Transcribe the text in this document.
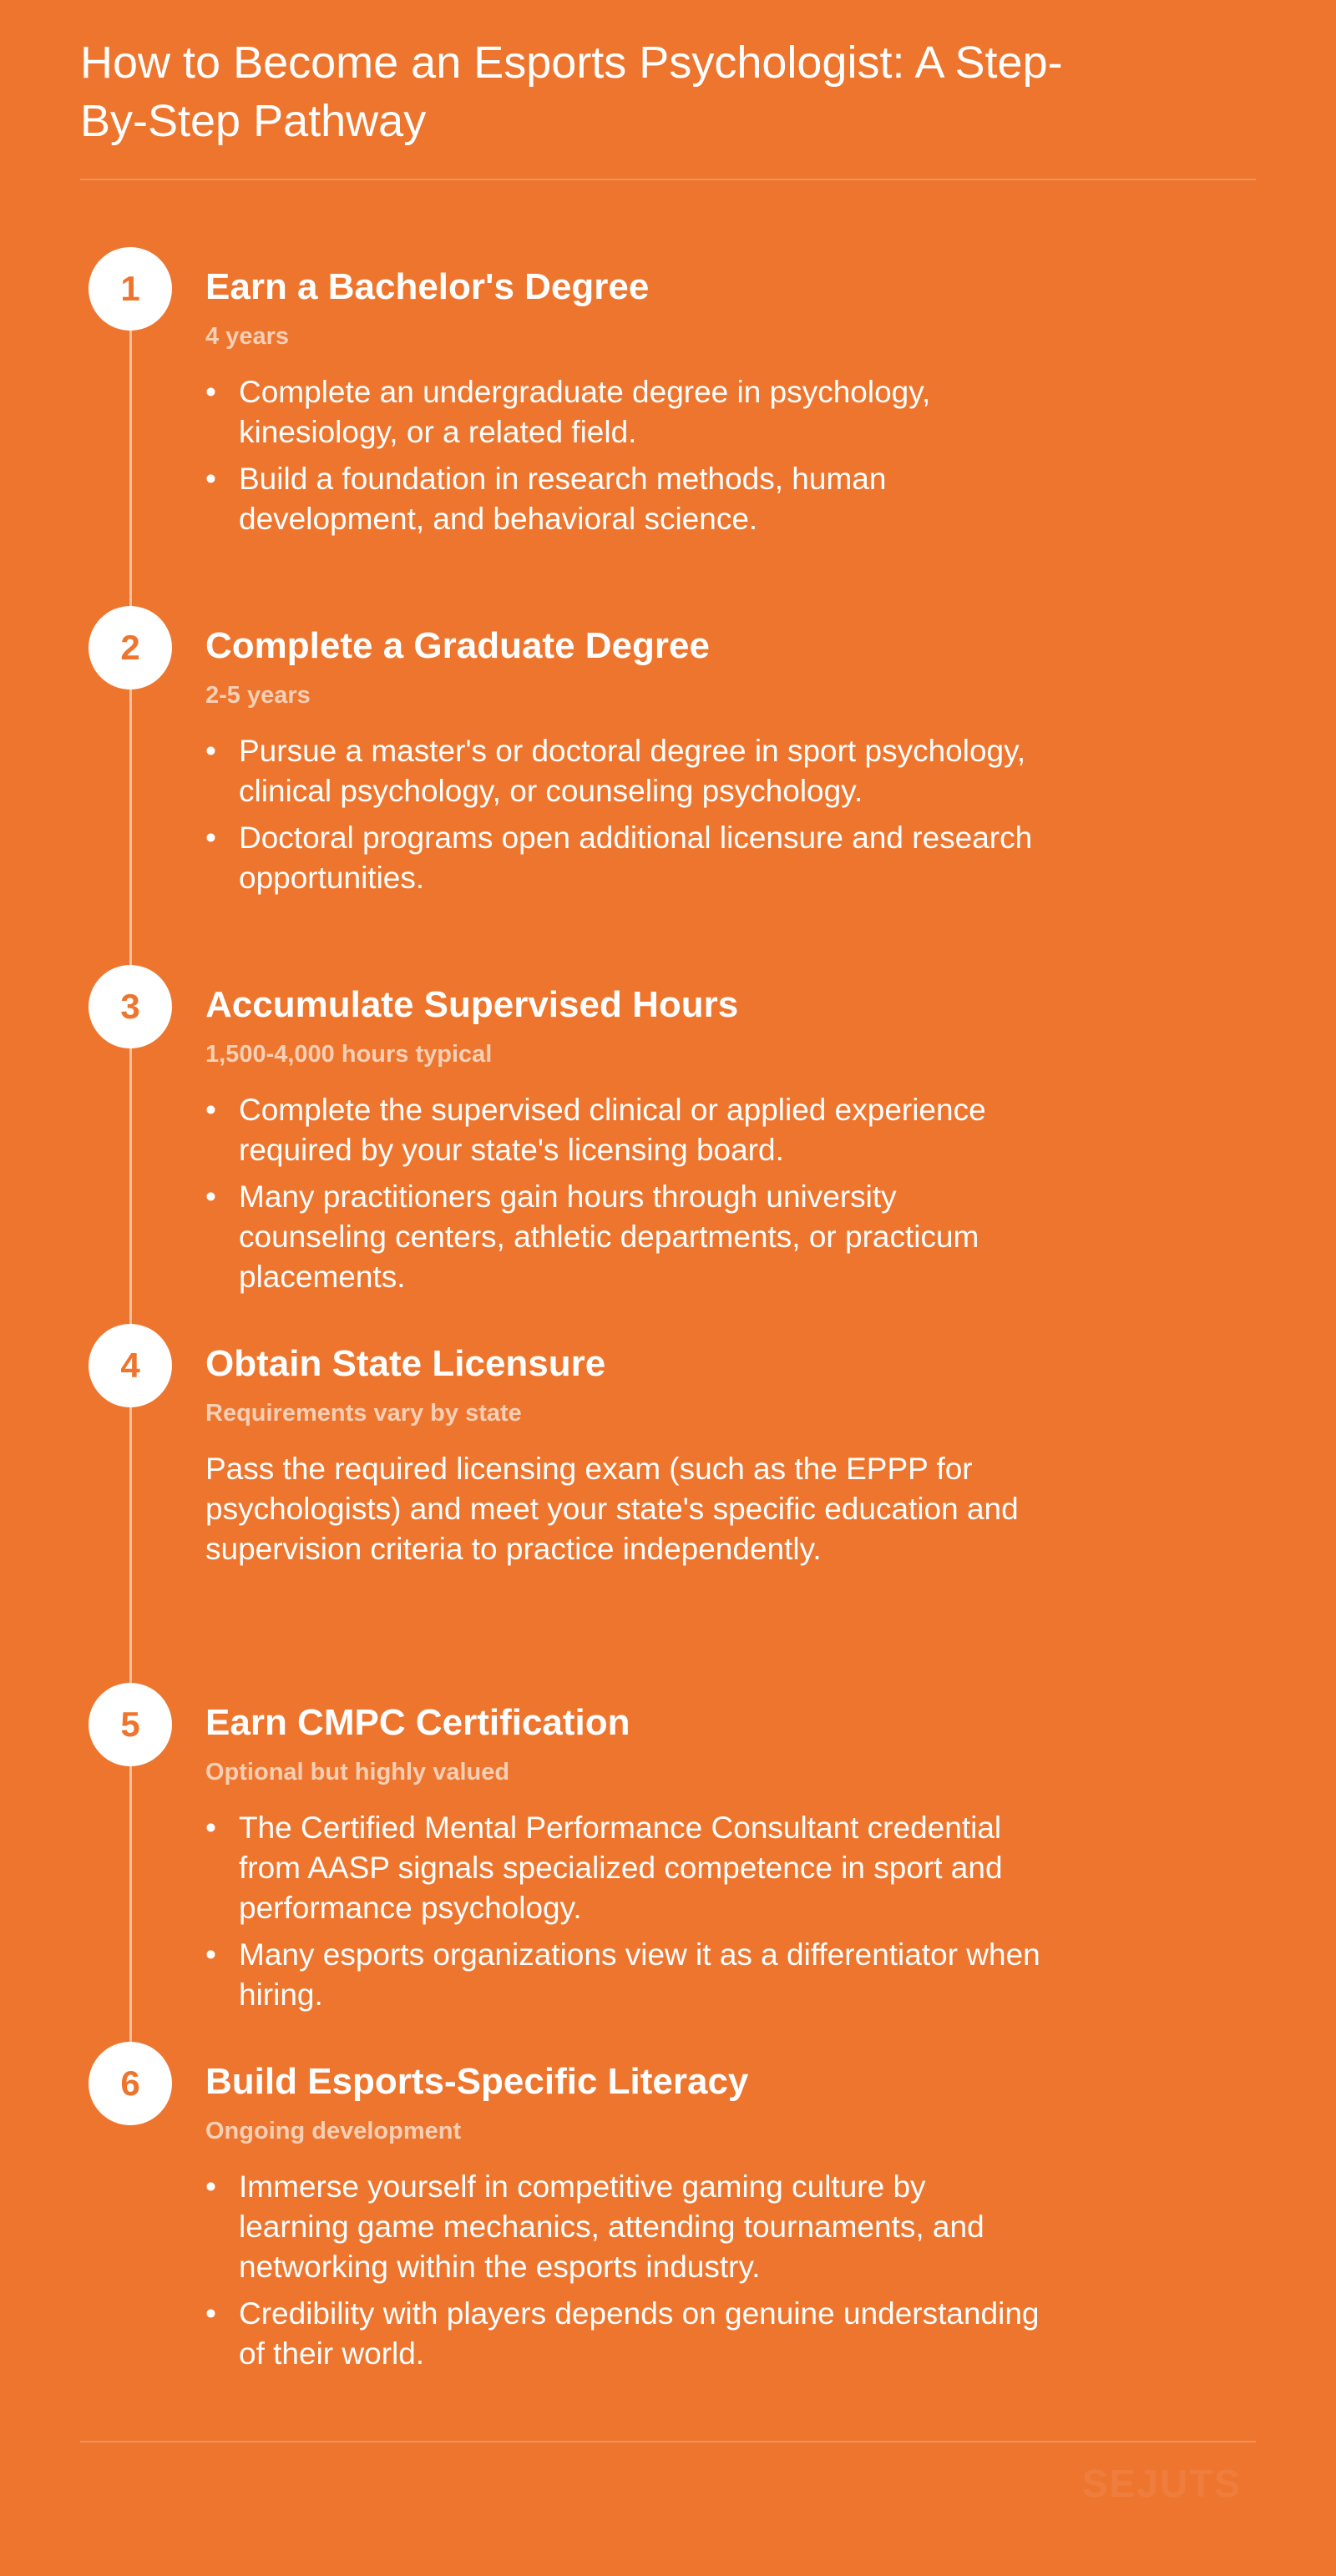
How to Become an Esports Psychologist: A Step-By-Step Pathway
1	Earn a Bachelor's Degree
4 years
• Complete an undergraduate degree in psychology, kinesiology, or a related field.
• Build a foundation in research methods, human development, and behavioral science.
2	Complete a Graduate Degree
2-5 years
• Pursue a master's or doctoral degree in sport psychology, clinical psychology, or counseling psychology.
• Doctoral programs open additional licensure and research opportunities.
3	Accumulate Supervised Hours
1,500-4,000 hours typical
• Complete the supervised clinical or applied experience required by your state's licensing board.
• Many practitioners gain hours through university counseling centers, athletic departments, or practicum placements.
4	Obtain State Licensure
Requirements vary by state

Pass the required licensing exam (such as the EPPP for psychologists) and meet your state's specific education and supervision criteria to practice independently.

5	Earn CMPC Certification
Optional but highly valued
• The Certified Mental Performance Consultant credential from AASP signals specialized competence in sport and performance psychology.
• Many esports organizations view it as a differentiator when hiring.
6	Build Esports-Specific Literacy
Ongoing development
• Immerse yourself in competitive gaming culture by learning game mechanics, attending tournaments, and networking within the esports industry.
• Credibility with players depends on genuine understanding of their world.
SEJUTS
